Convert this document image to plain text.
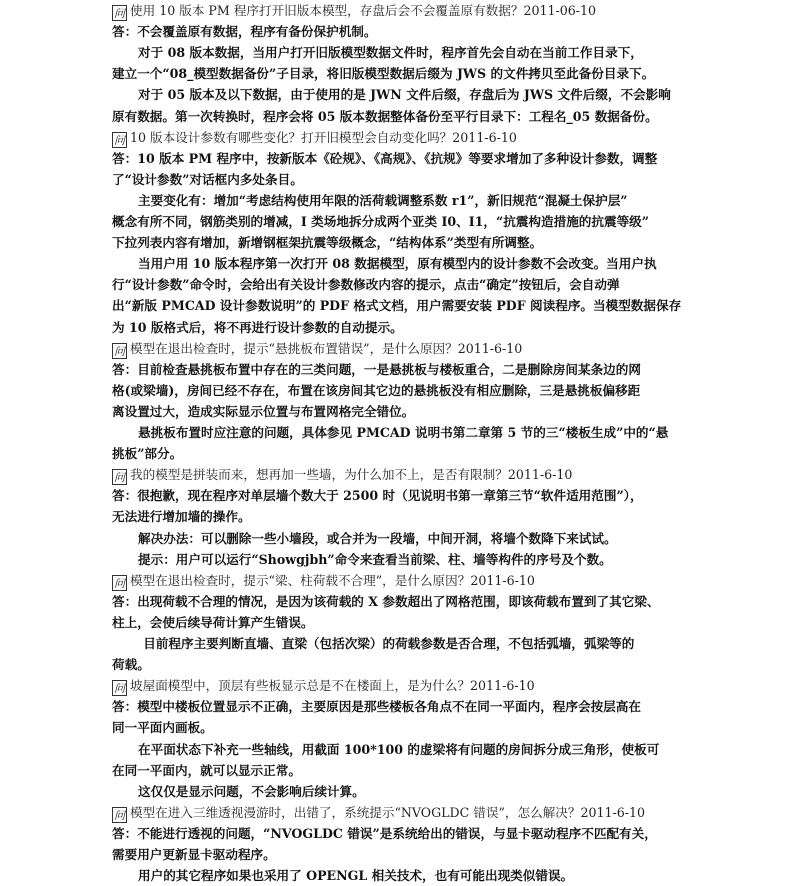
问 使用 10 版本 PM 程序打开旧版本模型，存盘后会不会覆盖原有数据？2011-06-10
答：不会覆盖原有数据，程序有备份保护机制。
对于 08 版本数据，当用户打开旧版模型数据文件时，程序首先会自动在当前工作目录下，
建立一个“08_模型数据备份”子目录，将旧版模型数据后缀为 JWS 的文件拷贝至此备份目录下。
对于 05 版本及以下数据，由于使用的是 JWN 文件后缀，存盘后为 JWS 文件后缀，不会影响
原有数据。第一次转换时，程序会将 05 版本数据整体备份至平行目录下：工程名_05 数据备份。
问 10 版本设计参数有哪些变化？打开旧模型会自动变化吗？2011-6-10
答：10 版本 PM 程序中，按新版本《砼规》、《高规》、《抗规》等要求增加了多种设计参数，调整
了“设计参数”对话框内多处条目。
主要变化有：增加“考虑结构使用年限的活荷载调整系数 r1”，新旧规范“混凝土保护层”
概念有所不同，钢筋类别的增减，I 类场地拆分成两个亚类 I0、I1，“抗震构造措施的抗震等级”
下拉列表内容有增加，新增钢框架抗震等级概念，“结构体系”类型有所调整。
当用户用 10 版本程序第一次打开 08 数据模型，原有模型内的设计参数不会改变。当用户执
行“设计参数”命令时，会给出有关设计参数修改内容的提示，点击“确定”按钮后，会自动弹
出“新版 PMCAD 设计参数说明”的 PDF 格式文档，用户需要安装 PDF 阅读程序。当模型数据保存
为 10 版格式后，将不再进行设计参数的自动提示。
问 模型在退出检查时，提示“悬挑板布置错误”，是什么原因？2011-6-10
答：目前检查悬挑板布置中存在的三类问题，一是悬挑板与楼板重合，二是删除房间某条边的网
格(或梁墙)，房间已经不存在，布置在该房间其它边的悬挑板没有相应删除，三是悬挑板偏移距
离设置过大，造成实际显示位置与布置网格完全错位。
悬挑板布置时应注意的问题，具体参见 PMCAD 说明书第二章第 5 节的三“楼板生成”中的“悬
挑板”部分。
问 我的模型是拼装而来，想再加一些墙，为什么加不上，是否有限制？2011-6-10
答：很抱歉，现在程序对单层墙个数大于 2500 时（见说明书第一章第三节“软件适用范围”），
无法进行增加墙的操作。
解决办法：可以删除一些小墙段，或合并为一段墙，中间开洞，将墙个数降下来试试。
提示：用户可以运行“Showgjbh”命令来查看当前梁、柱、墙等构件的序号及个数。
问 模型在退出检查时，提示“梁、柱荷载不合理”，是什么原因？2011-6-10
答：出现荷载不合理的情况，是因为该荷载的 X 参数超出了网格范围，即该荷载布置到了其它梁、
柱上，会使后续导荷计算产生错误。
目前程序主要判断直墙、直梁（包括次梁）的荷载参数是否合理，不包括弧墙，弧梁等的
荷载。
问 坡屋面模型中，顶层有些板显示总是不在楼面上，是为什么？2011-6-10
答：模型中楼板位置显示不正确，主要原因是那些楼板各角点不在同一平面内，程序会按层高在
同一平面内画板。
在平面状态下补充一些轴线，用截面 100*100 的虚梁将有问题的房间拆分成三角形，使板可
在同一平面内，就可以显示正常。
这仅仅是显示问题，不会影响后续计算。
问 模型在进入三维透视漫游时，出错了，系统提示“NVOGLDC 错误”，怎么解决？2011-6-10
答：不能进行透视的问题，“NVOGLDC 错误”是系统给出的错误，与显卡驱动程序不匹配有关，
需要用户更新显卡驱动程序。
用户的其它程序如果也采用了 OPENGL 相关技术，也有可能出现类似错误。
